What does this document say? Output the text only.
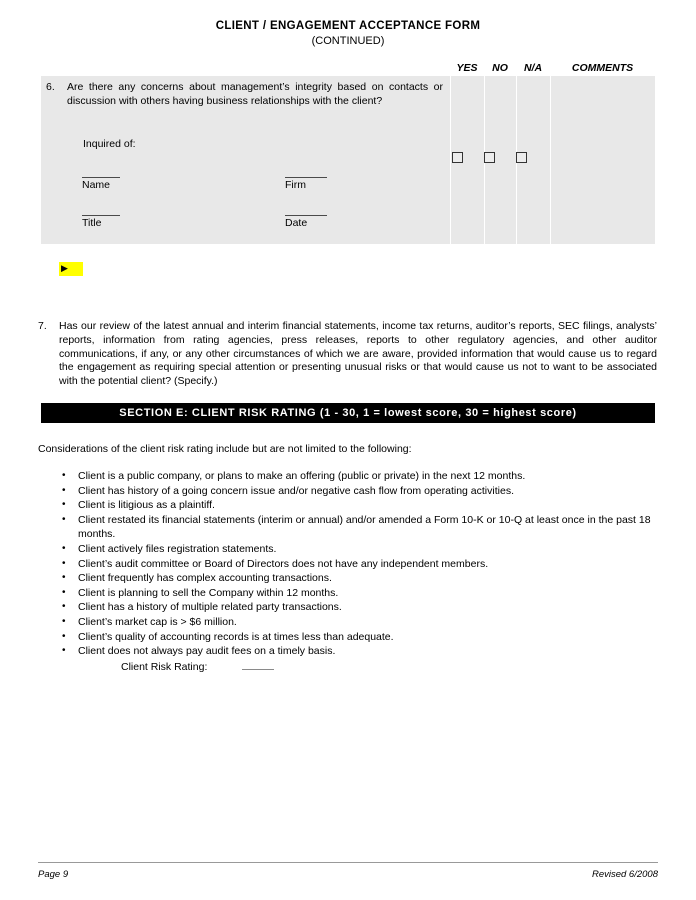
CLIENT / ENGAGEMENT ACCEPTANCE FORM
(CONTINUED)
YES	NO	N/A	COMMENTS
6. Are there any concerns about management’s integrity based on contacts or discussion with others having business relationships with the client?
Inquired of:
Name	Firm
Title	Date
▶
7. Has our review of the latest annual and interim financial statements, income tax returns, auditor’s reports, SEC filings, analysts’ reports, information from rating agencies, press releases, reports to other regulatory agencies, and other auditor communications, if any, or any other circumstances of which we are aware, provided information that would cause us to regard the engagement as requiring special attention or presenting unusual risks or that would cause us not to want to be associated with the potential client? (Specify.)
SECTION E: CLIENT RISK RATING (1 - 30, 1 = lowest score, 30 = highest score)
Considerations of the client risk rating include but are not limited to the following:
• Client is a public company, or plans to make an offering (public or private) in the next 12 months.
• Client has history of a going concern issue and/or negative cash flow from operating activities.
• Client is litigious as a plaintiff.
• Client restated its financial statements (interim or annual) and/or amended a Form 10-K or 10-Q at least once in the past 18 months.
• Client actively files registration statements.
• Client’s audit committee or Board of Directors does not have any independent members.
• Client frequently has complex accounting transactions.
• Client is planning to sell the Company within 12 months.
• Client has a history of multiple related party transactions.
• Client’s market cap is > $6 million.
• Client’s quality of accounting records is at times less than adequate.
• Client does not always pay audit fees on a timely basis.
Client Risk Rating:
Page 9	Revised 6/2008
